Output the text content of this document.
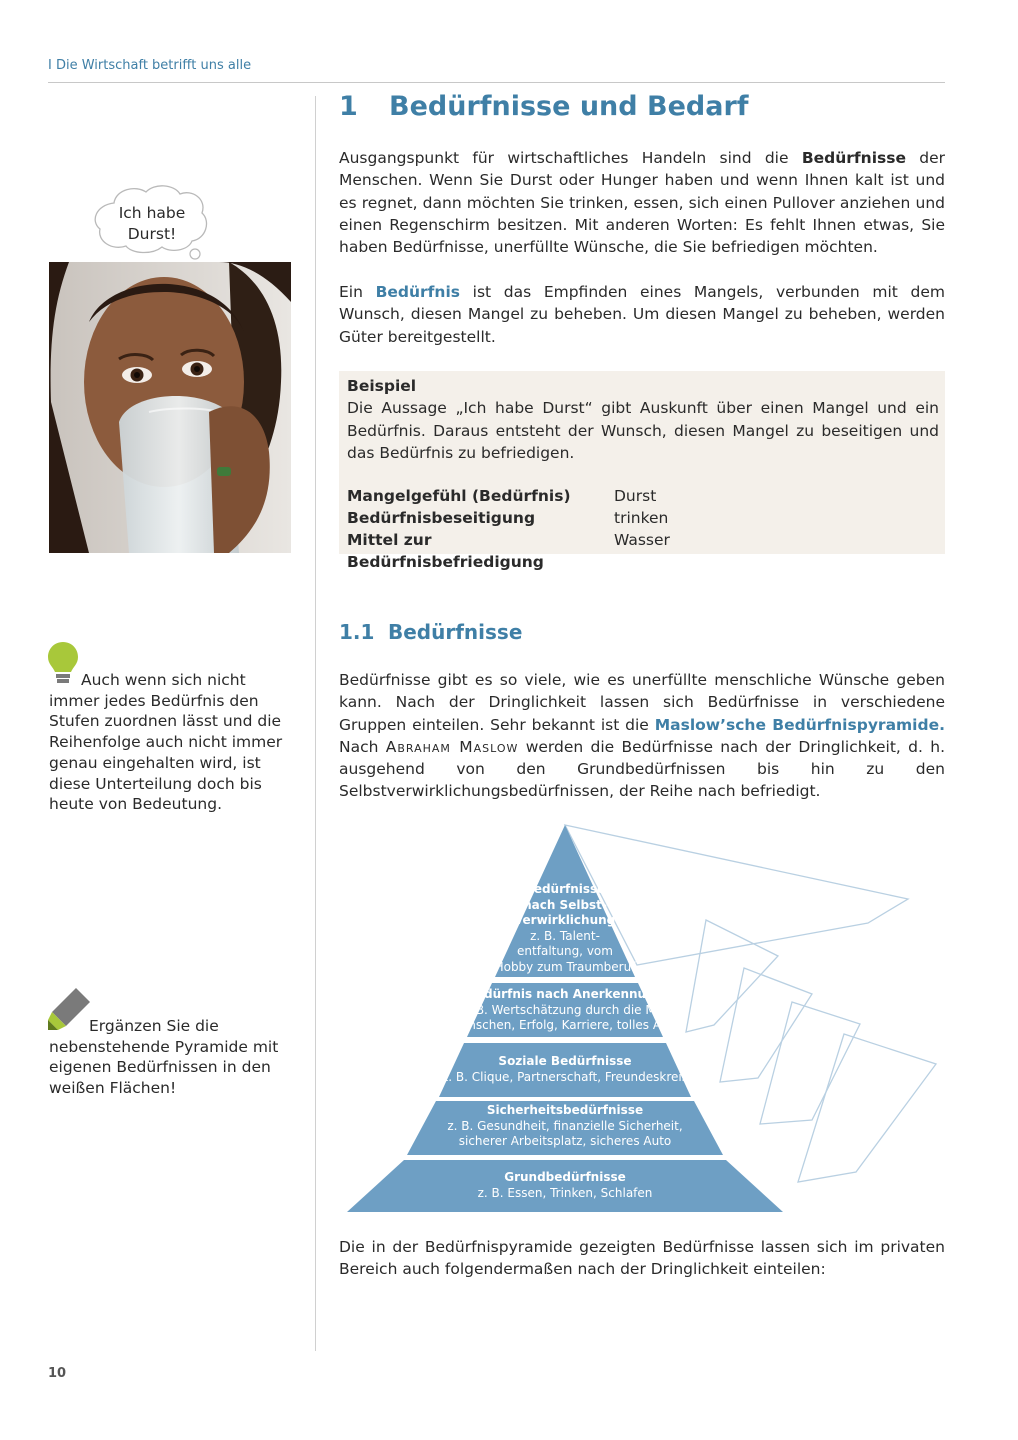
I Die Wirtschaft betrifft uns alle
10
Ich habe
Durst!
Auch wenn sich nicht immer jedes Bedürfnis den Stufen zuordnen lässt und die Reihenfolge auch nicht immer genau eingehalten wird, ist diese Unterteilung doch bis heute von Bedeutung.
Ergänzen Sie die nebenstehende Pyramide mit eigenen Bedürfnissen in den weißen Flächen!
1 Bedürfnisse und Bedarf

Ausgangspunkt für wirtschaftliches Handeln sind die Bedürfnisse der Menschen. Wenn Sie Durst oder Hunger haben und wenn Ihnen kalt ist und es regnet, dann möchten Sie trinken, essen, sich einen Pullover anziehen und einen Regenschirm besitzen. Mit anderen Worten: Es fehlt Ihnen etwas, Sie haben Bedürfnisse, unerfüllte Wünsche, die Sie befriedigen möchten.

Ein Bedürfnis ist das Empfinden eines Mangels, verbunden mit dem Wunsch, diesen Mangel zu beheben. Um diesen Mangel zu beheben, werden Güter bereitgestellt.

Beispiel
Die Aussage „Ich habe Durst“ gibt Auskunft über einen Mangel und ein Bedürfnis. Daraus entsteht der Wunsch, diesen Mangel zu beseitigen und das Bedürfnis zu befriedigen.
Mangelgefühl (Bedürfnis)	Durst
Bedürfnisbeseitigung	trinken
Mittel zur Bedürfnisbefriedigung
Wasser
1.1 Bedürfnisse

Bedürfnisse gibt es so viele, wie es unerfüllte menschliche Wünsche geben kann. Nach der Dringlichkeit lassen sich Bedürfnisse in verschiedene Gruppen einteilen. Sehr bekannt ist die Maslow’sche Bedürfnispyramide. Nach Abraham Maslow werden die Bedürfnisse nach der Dringlichkeit, d. h. ausgehend von den Grundbedürfnissen bis hin zu den Selbstverwirklichungsbedürfnissen, der Reihe nach befriedigt.

Bedürfnisse
nach Selbst-
verwirklichung
z. B. Talent-
entfaltung, vom
Hobby zum Traumberuf
Bedürfnis nach Anerkennung
z. B. Wertschätzung durch die Mit-
menschen, Erfolg, Karriere, tolles Auto
Soziale Bedürfnisse
z. B. Clique, Partnerschaft, Freundeskreis
Sicherheitsbedürfnisse
z. B. Gesundheit, finanzielle Sicherheit,
sicherer Arbeitsplatz, sicheres Auto
Grundbedürfnisse
z. B. Essen, Trinken, Schlafen

Die in der Bedürfnispyramide gezeigten Bedürfnisse lassen sich im privaten Bereich auch folgendermaßen nach der Dringlichkeit einteilen:
